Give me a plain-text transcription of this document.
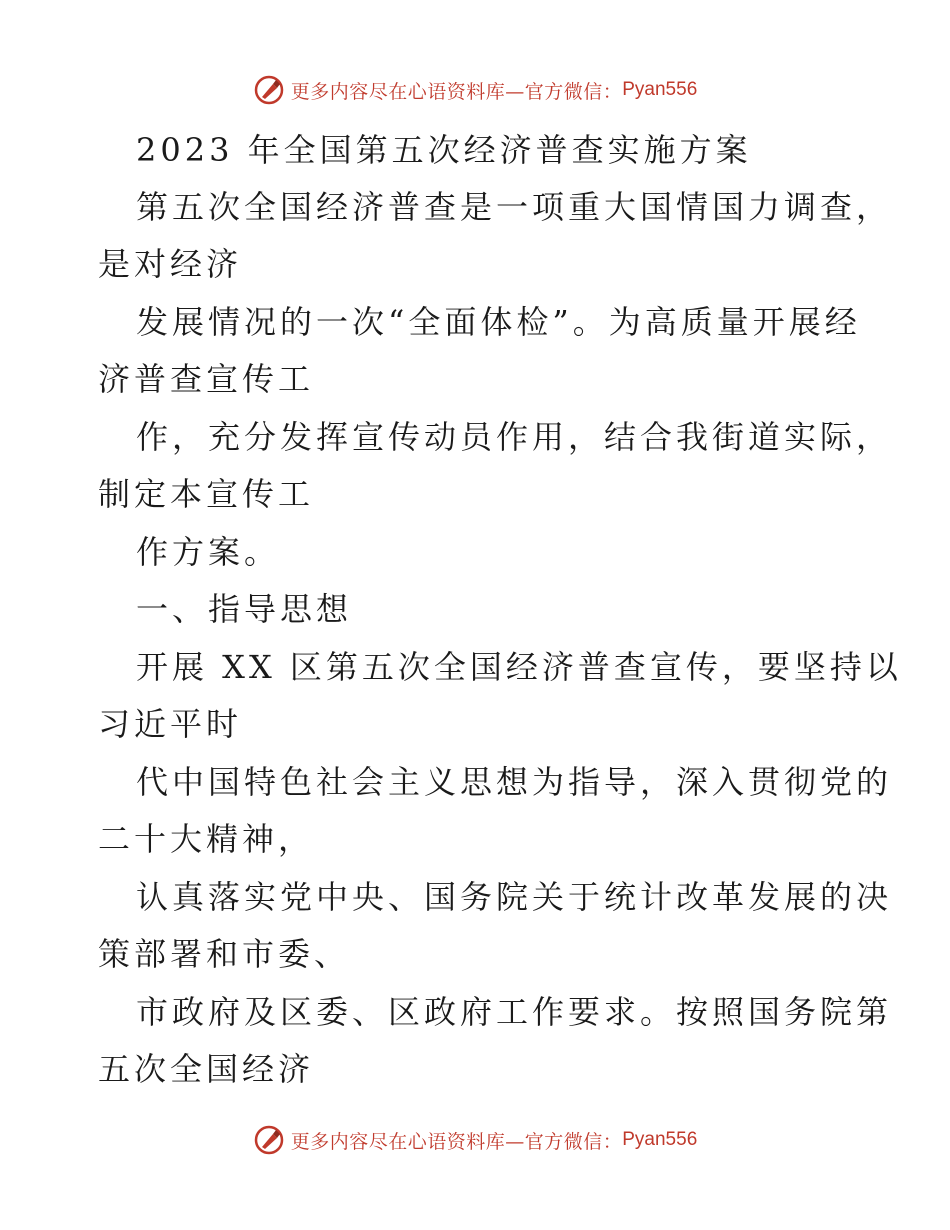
更多内容尽在心语资料库—官方微信： Pyan556
2023 年全国第五次经济普查实施方案
第五次全国经济普查是一项重大国情国力调查，
是对经济
发展情况的一次“全面体检”。为高质量开展经
济普查宣传工
作，充分发挥宣传动员作用，结合我街道实际，
制定本宣传工
作方案。
一、指导思想
开展 XX 区第五次全国经济普查宣传，要坚持以
习近平时
代中国特色社会主义思想为指导，深入贯彻党的
二十大精神，
认真落实党中央、国务院关于统计改革发展的决
策部署和市委、
市政府及区委、区政府工作要求。按照国务院第
五次全国经济
更多内容尽在心语资料库—官方微信： Pyan556
